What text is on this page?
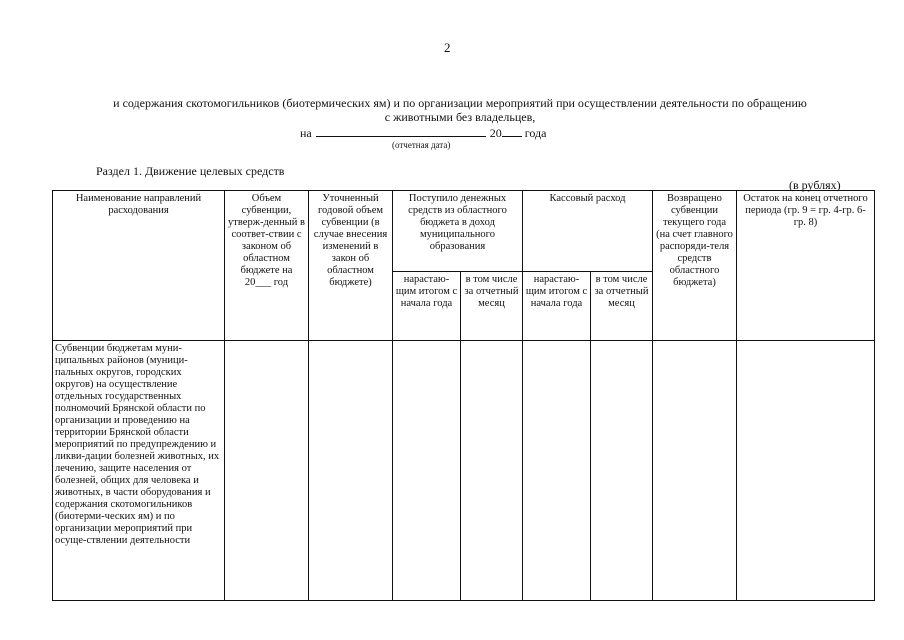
2
и содержания скотомогильников (биотермических ям) и по организации мероприятий при осуществлении деятельности по обращению
с животными без владельцев,
на	20 года
(отчетная дата)
Раздел 1. Движение целевых средств
(в рублях)
Наименование направлений расходования	Объем субвенции, утверж-денный в соответ-ствии с законом об областном бюджете на 20___ год	Уточненный годовой объем субвенции (в случае внесения изменений в закон об областном бюджете)	Поступило денежных средств из областного бюджета в доход муниципального образования		Кассовый расход		Возвращено субвенции текущего года (на счет главного распоряди-теля средств областного бюджета)	Остаток на конец отчетного периода (гр. 9 = гр. 4-гр. 6- гр. 8)
			нарастаю-щим итогом с начала года	в том числе за отчетный месяц	нарастаю-щим итогом с начала года	в том числе за отчетный месяц		
Субвенции бюджетам муни-ципальных районов (муници-пальных округов, городских округов) на осуществление отдельных государственных полномочий Брянской области по организации и проведению на территории Брянской области мероприятий по предупреждению и ликви-дации болезней животных, их лечению, защите населения от болезней, общих для человека и животных, в части оборудования и содержания скотомогильников (биотерми-ческих ям) и по организации мероприятий при осуще-ствлении деятельности								
